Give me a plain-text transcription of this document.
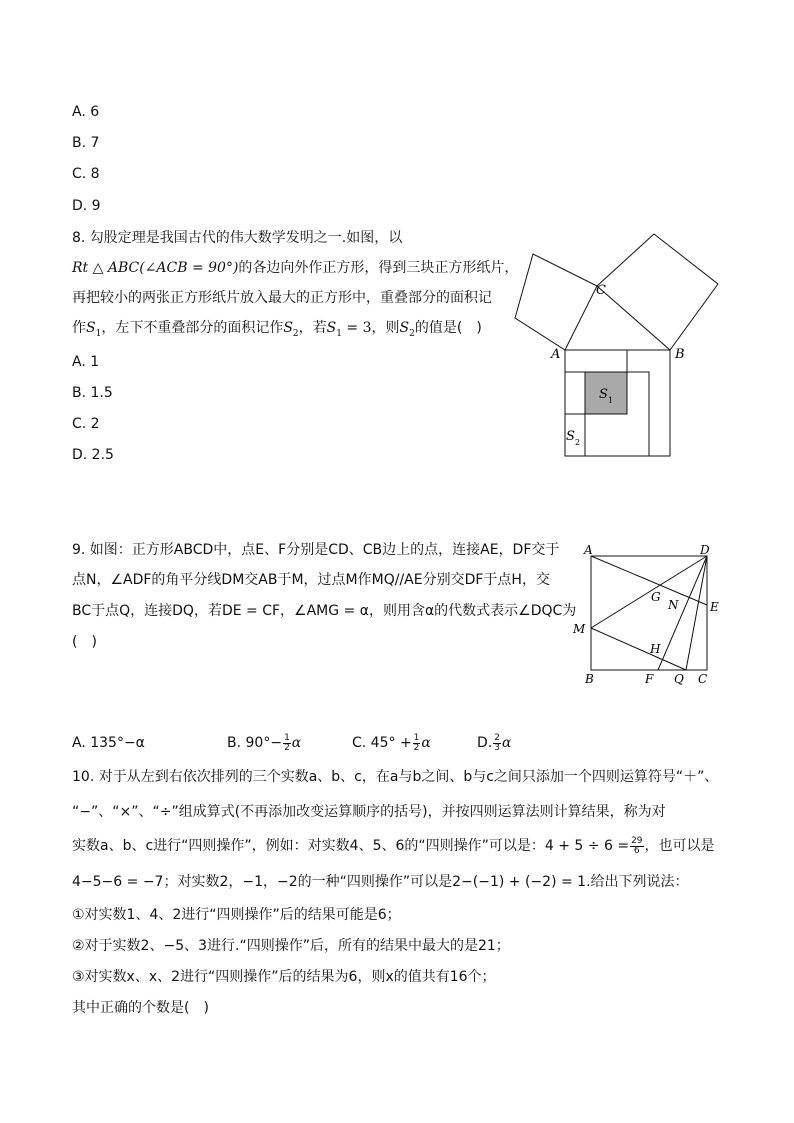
A. 6
B. 7
C. 8
D. 9
8. 勾股定理是我国古代的伟大数学发明之一.如图，以
Rt △ ABC(∠ACB = 90°)的各边向外作正方形，得到三块正方形纸片，
再把较小的两张正方形纸片放入最大的正方形中，重叠部分的面积记
作$S_1$，左下不重叠部分的面积记作$S_2$，若$S_1 = 3$，则$S_2$的值是(　)
A. 1
B. 1.5
C. 2
D. 2.5
C
A	B
S 1
S 2
9. 如图：正方形ABCD中，点E、F分别是CD、CB边上的点，连接AE，DF交于
点N，∠ADF的角平分线DM交AB于M，过点M作MQ//AE分别交DF于点H，交
BC于点Q，连接DQ，若DE = CF，∠AMG = α，则用含α的代数式表示∠DQC为
(　)
A	D
G
N	E
M
H
B	F Q C
A. 135°−α	B. $90^\circ- \frac{1}{2}$ α	C. $45^\circ + \frac{1}{2}$ α	D. $\frac{2}{3}$ α
10. 对于从左到右依次排列的三个实数a、b、c，在a与b之间、b与c之间只添加一个四则运算符号“＋”、
“−”、“×”、“÷”组成算式(不再添加改变运算顺序的括号)，并按四则运算法则计算结果，称为对
实数a、b、c进行“四则操作”，例如：对实数4、5、6的“四则操作”可以是：$4 + 5 \div 6 = \frac{29}{6}$ ，也可以是
4−5−6 = −7；对实数2，−1，−2的一种“四则操作”可以是2−(−1) + (−2) = 1.给出下列说法：
①对实数1、4、2进行“四则操作”后的结果可能是6；
②对于实数2、−5、3进行.“四则操作”后，所有的结果中最大的是21；
③对实数x、x、2进行“四则操作”后的结果为6，则x的值共有16个；
其中正确的个数是(　)
